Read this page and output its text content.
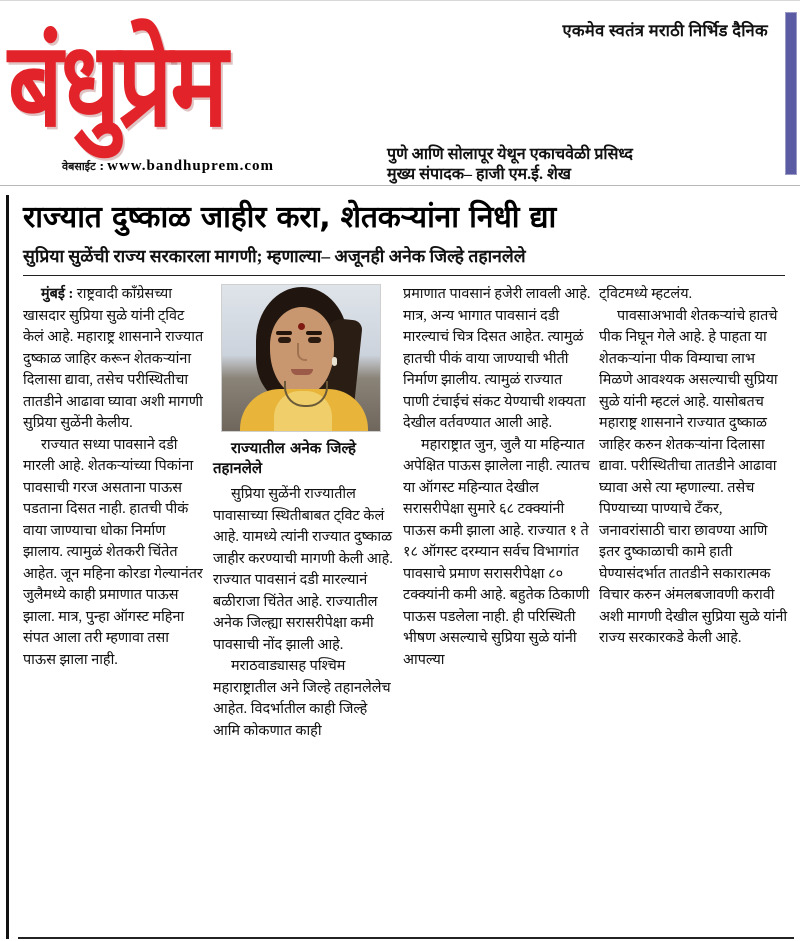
एकमेव स्वतंत्र मराठी निर्भिड दैनिक
बंधुप्रेम
वेबसाईट : www.bandhuprem.com
पुणे आणि सोलापूर येथून एकाचवेळी प्रसिध्द
मुख्य संपादक– हाजी एम.ई. शेख
राज्यात दुष्काळ जाहीर करा, शेतकऱ्यांना निधी द्या
सुप्रिया सुळेंची राज्य सरकारला मागणी; म्हणाल्या– अजूनही अनेक जिल्हे तहानलेले

मुंबई : राष्ट्रवादी काँग्रेसच्या खासदार सुप्रिया सुळे यांनी ट्विट केलं आहे. महाराष्ट्र शासनाने राज्यात दुष्काळ जाहिर करून शेतकऱ्यांना दिलासा द्यावा, तसेच परीस्थितीचा तातडीने आढावा घ्यावा अशी मागणी सुप्रिया सुळेंनी केलीय.

राज्यात सध्या पावसाने दडी मारली आहे. शेतकऱ्यांच्या पिकांना पावसाची गरज असताना पाऊस पडताना दिसत नाही. हातची पीकं वाया जाण्याचा धोका निर्माण झालाय. त्यामुळं शेतकरी चिंतेत आहेत. जून महिना कोरडा गेल्यानंतर जुलैमध्ये काही प्रमाणात पाऊस झाला. मात्र, पुन्हा ऑगस्ट महिना संपत आला तरी म्हणावा तसा पाऊस झाला नाही.

राज्यातील अनेक जिल्हे तहानलेले

सुप्रिया सुळेंनी राज्यातील पावासाच्या स्थितीबाबत ट्विट केलं आहे. यामध्ये त्यांनी राज्यात दुष्काळ जाहीर करण्याची मागणी केली आहे. राज्यात पावसानं दडी मारल्यानं बळीराजा चिंतेत आहे. राज्यातील अनेक जिल्ह्या सरासरीपेक्षा कमी पावसाची नोंद झाली आहे.

मराठवाड्यासह पश्चिम महाराष्ट्रातील अने जिल्हे तहानलेलेच आहेत. विदर्भातील काही जिल्हे आमि कोकणात काही

प्रमाणात पावसानं हजेरी लावली आहे. मात्र, अन्य भागात पावसानं दडी मारल्याचं चित्र दिसत आहेत. त्यामुळं हातची पीकं वाया जाण्याची भीती निर्माण झालीय. त्यामुळं राज्यात पाणी टंचाईचं संकट येण्याची शक्यता देखील वर्तवण्यात आली आहे.

महाराष्ट्रात जुन, जुलै या महिन्यात अपेक्षित पाऊस झालेला नाही. त्यातच या ऑगस्ट महिन्यात देखील सरासरीपेक्षा सुमारे ६८ टक्क्यांनी पाऊस कमी झाला आहे. राज्यात १ ते १८ ऑगस्ट दरम्यान सर्वच विभागांत पावसाचे प्रमाण सरासरीपेक्षा ८० टक्क्यांनी कमी आहे. बहुतेक ठिकाणी पाऊस पडलेला नाही. ही परिस्थिती भीषण असल्याचे सुप्रिया सुळे यांनी आपल्या

ट्विटमध्ये म्हटलंय.

पावसाअभावी शेतकऱ्यांचे हातचे पीक निघून गेले आहे. हे पाहता या शेतकऱ्यांना पीक विम्याचा लाभ मिळणे आवश्यक असल्याची सुप्रिया सुळे यांनी म्हटलं आहे. यासोबतच महाराष्ट्र शासनाने राज्यात दुष्काळ जाहिर करुन शेतकऱ्यांना दिलासा द्यावा. परीस्थितीचा तातडीने आढावा घ्यावा असे त्या म्हणाल्या. तसेच पिण्याच्या पाण्याचे टँकर, जनावरांसाठी चारा छावण्या आणि इतर दुष्काळाची कामे हाती घेण्यासंदर्भात तातडीने सकारात्मक विचार करुन अंमलबजावणी करावी अशी मागणी देखील सुप्रिया सुळे यांनी राज्य सरकारकडे केली आहे.
